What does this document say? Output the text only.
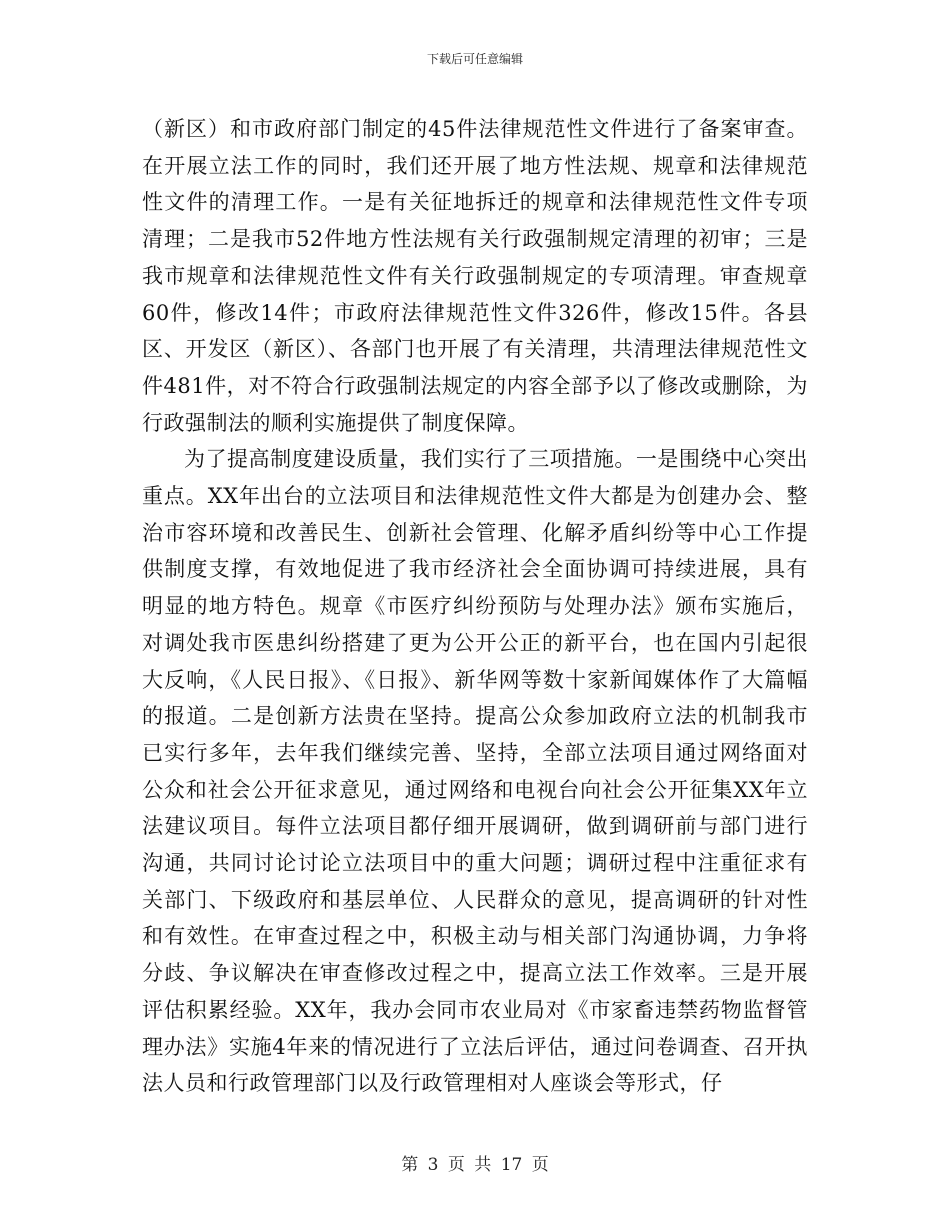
下载后可任意编辑

（新区）和市政府部门制定的45件法律规范性文件进行了备案审查。在开展立法工作的同时，我们还开展了地方性法规、规章和法律规范性文件的清理工作。一是有关征地拆迁的规章和法律规范性文件专项清理；二是我市52件地方性法规有关行政强制规定清理的初审；三是我市规章和法律规范性文件有关行政强制规定的专项清理。审查规章60件，修改14件；市政府法律规范性文件326件，修改15件。各县区、开发区（新区）、各部门也开展了有关清理，共清理法律规范性文件481件，对不符合行政强制法规定的内容全部予以了修改或删除，为行政强制法的顺利实施提供了制度保障。

为了提高制度建设质量，我们实行了三项措施。一是围绕中心突出重点。XX年出台的立法项目和法律规范性文件大都是为创建办会、整治市容环境和改善民生、创新社会管理、化解矛盾纠纷等中心工作提供制度支撑，有效地促进了我市经济社会全面协调可持续进展，具有明显的地方特色。规章《市医疗纠纷预防与处理办法》颁布实施后，对调处我市医患纠纷搭建了更为公开公正的新平台，也在国内引起很大反响，《人民日报》、《日报》、新华网等数十家新闻媒体作了大篇幅的报道。二是创新方法贵在坚持。提高公众参加政府立法的机制我市已实行多年，去年我们继续完善、坚持，全部立法项目通过网络面对公众和社会公开征求意见，通过网络和电视台向社会公开征集XX年立法建议项目。每件立法项目都仔细开展调研，做到调研前与部门进行沟通，共同讨论讨论立法项目中的重大问题；调研过程中注重征求有关部门、下级政府和基层单位、人民群众的意见，提高调研的针对性和有效性。在审查过程之中，积极主动与相关部门沟通协调，力争将分歧、争议解决在审查修改过程之中，提高立法工作效率。三是开展评估积累经验。XX年，我办会同市农业局对《市家畜违禁药物监督管理办法》实施4年来的情况进行了立法后评估，通过问卷调查、召开执法人员和行政管理部门以及行政管理相对人座谈会等形式，仔

第 3 页 共 17 页
